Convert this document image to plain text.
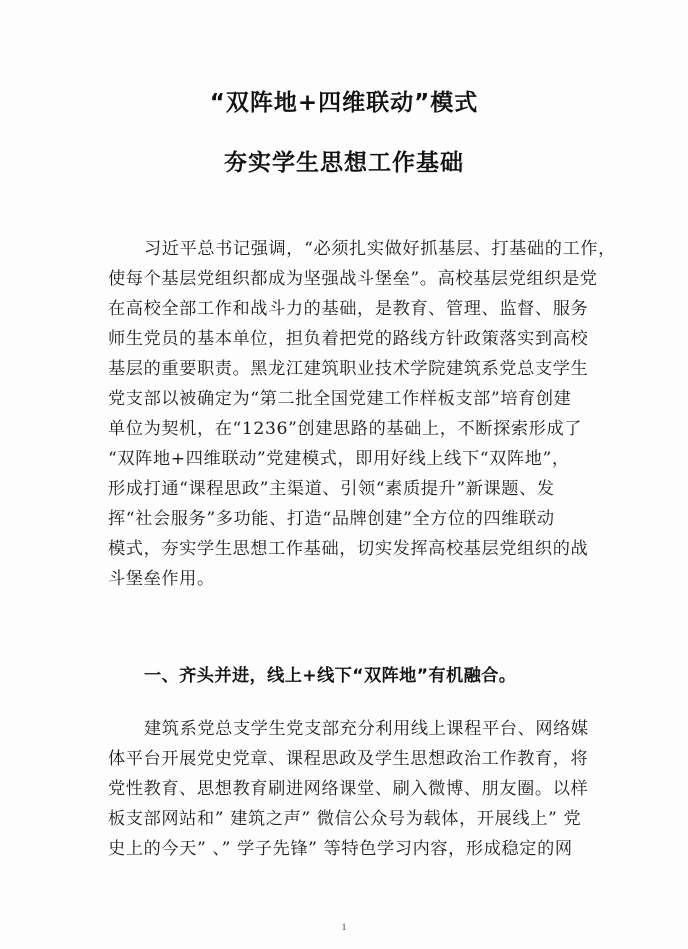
“双阵地+四维联动”模式
夯实学生思想工作基础
习近平总书记强调，“必须扎实做好抓基层、打基础的工作，
使每个基层党组织都成为坚强战斗堡垒”。高校基层党组织是党
在高校全部工作和战斗力的基础，是教育、管理、监督、服务
师生党员的基本单位，担负着把党的路线方针政策落实到高校
基层的重要职责。黑龙江建筑职业技术学院建筑系党总支学生
党支部以被确定为“第二批全国党建工作样板支部”培育创建
单位为契机，在“1236”创建思路的基础上，不断探索形成了
“双阵地+四维联动”党建模式，即用好线上线下“双阵地”，
形成打通“课程思政”主渠道、引领“素质提升”新课题、发
挥“社会服务”多功能、打造“品牌创建”全方位的四维联动
模式，夯实学生思想工作基础，切实发挥高校基层党组织的战
斗堡垒作用。
一、齐头并进，线上+线下“双阵地”有机融合。
建筑系党总支学生党支部充分利用线上课程平台、网络媒
体平台开展党史党章、课程思政及学生思想政治工作教育，将
党性教育、思想教育刷进网络课堂、刷入微博、朋友圈。以样
板支部网站和” 建筑之声” 微信公众号为载体，开展线上” 党
史上的今天” 、” 学子先锋” 等特色学习内容，形成稳定的网
1
